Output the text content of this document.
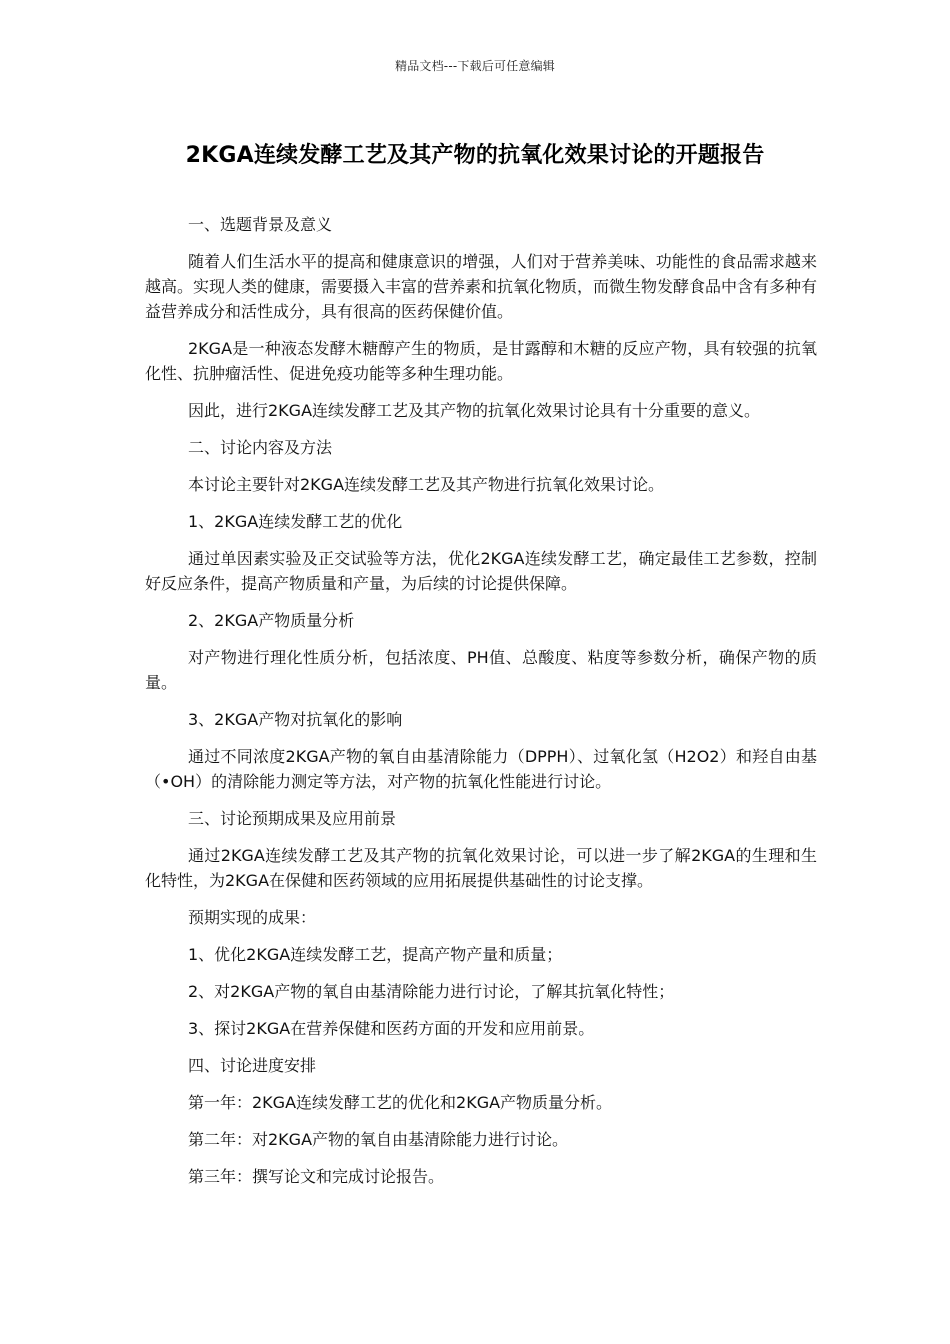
精品文档---下载后可任意编辑
2KGA连续发酵工艺及其产物的抗氧化效果讨论的开题报告

一、选题背景及意义

随着人们生活水平的提高和健康意识的增强，人们对于营养美味、功能性的食品需求越来越高。实现人类的健康，需要摄入丰富的营养素和抗氧化物质，而微生物发酵食品中含有多种有益营养成分和活性成分，具有很高的医药保健价值。

2KGA是一种液态发酵木糖醇产生的物质，是甘露醇和木糖的反应产物，具有较强的抗氧化性、抗肿瘤活性、促进免疫功能等多种生理功能。

因此，进行2KGA连续发酵工艺及其产物的抗氧化效果讨论具有十分重要的意义。

二、讨论内容及方法

本讨论主要针对2KGA连续发酵工艺及其产物进行抗氧化效果讨论。

1、2KGA连续发酵工艺的优化

通过单因素实验及正交试验等方法，优化2KGA连续发酵工艺，确定最佳工艺参数，控制好反应条件，提高产物质量和产量，为后续的讨论提供保障。

2、2KGA产物质量分析

对产物进行理化性质分析，包括浓度、PH值、总酸度、粘度等参数分析，确保产物的质量。

3、2KGA产物对抗氧化的影响

通过不同浓度2KGA产物的氧自由基清除能力（DPPH）、过氧化氢（H2O2）和羟自由基（•OH）的清除能力测定等方法，对产物的抗氧化性能进行讨论。

三、讨论预期成果及应用前景

通过2KGA连续发酵工艺及其产物的抗氧化效果讨论，可以进一步了解2KGA的生理和生化特性，为2KGA在保健和医药领域的应用拓展提供基础性的讨论支撑。

预期实现的成果：

1、优化2KGA连续发酵工艺，提高产物产量和质量；

2、对2KGA产物的氧自由基清除能力进行讨论，了解其抗氧化特性；

3、探讨2KGA在营养保健和医药方面的开发和应用前景。

四、讨论进度安排

第一年：2KGA连续发酵工艺的优化和2KGA产物质量分析。

第二年：对2KGA产物的氧自由基清除能力进行讨论。

第三年：撰写论文和完成讨论报告。
